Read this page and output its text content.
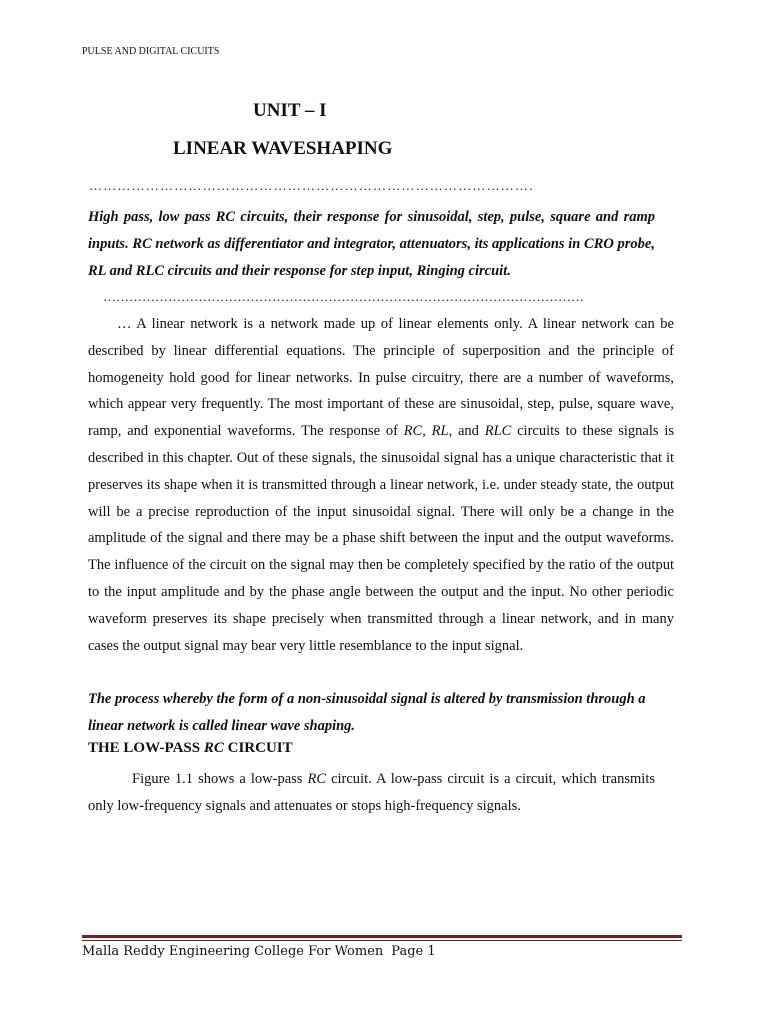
PULSE AND DIGITAL CICUITS
UNIT – I
LINEAR WAVESHAPING
………………………………………………………………………………….

High pass, low pass RC circuits, their response for sinusoidal, step, pulse, square and ramp inputs. RC network as differentiator and integrator, attenuators, its applications in CRO probe, RL and RLC circuits and their response for step input, Ringing circuit.

…………………………………………………………………………………………………

… A linear network is a network made up of linear elements only. A linear network can be described by linear differential equations. The principle of superposition and the principle of homogeneity hold good for linear networks. In pulse circuitry, there are a number of waveforms, which appear very frequently. The most important of these are sinusoidal, step, pulse, square wave, ramp, and exponential waveforms. The response of RC, RL, and RLC circuits to these signals is described in this chapter. Out of these signals, the sinusoidal signal has a unique characteristic that it preserves its shape when it is transmitted through a linear network, i.e. under steady state, the output will be a precise reproduction of the input sinusoidal signal. There will only be a change in the amplitude of the signal and there may be a phase shift between the input and the output waveforms. The influence of the circuit on the signal may then be completely specified by the ratio of the output to the input amplitude and by the phase angle between the output and the input. No other periodic waveform preserves its shape precisely when transmitted through a linear network, and in many cases the output signal may bear very little resemblance to the input signal.

The process whereby the form of a non-sinusoidal signal is altered by transmission through a linear network is called linear wave shaping.

THE LOW-PASS RC CIRCUIT

Figure 1.1 shows a low-pass RC circuit. A low-pass circuit is a circuit, which transmits only low-frequency signals and attenuates or stops high-frequency signals.

Malla Reddy Engineering College For Women Page 1
